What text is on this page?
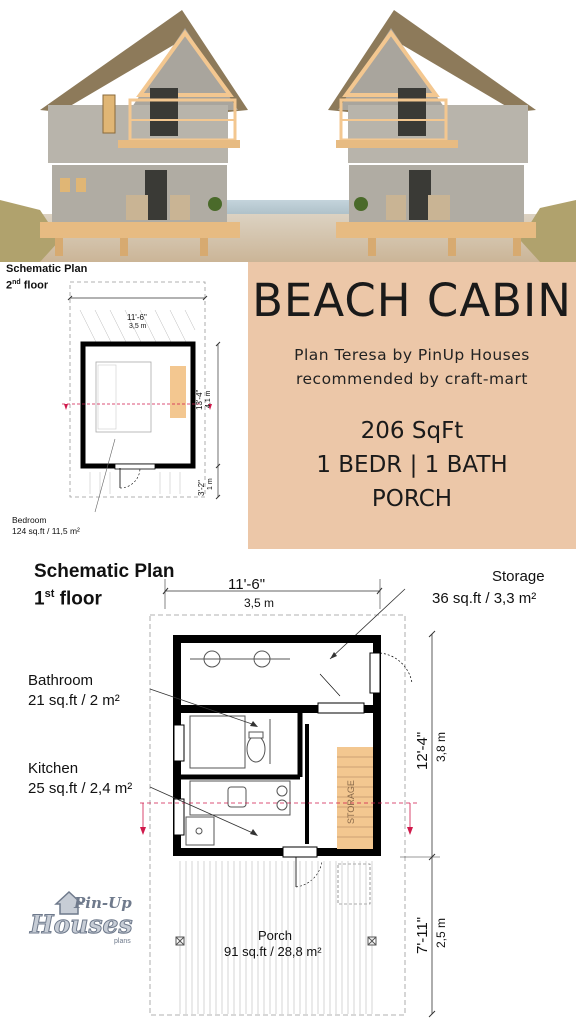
BEACH CABIN
Plan Teresa by PinUp Houses
recommended by craft-mart
206 SqFt
1 BEDR | 1 BATH
PORCH
Schematic Plan
2nd floor
11'-6"
3,5 m
13'-4" 4,1 m
3'-2" 1 m
Bedroom
124 sq.ft / 11,5 m²
Schematic Plan
1st floor
11'-6"
3,5 m
Storage
36 sq.ft / 3,3 m²
Bathroom
21 sq.ft / 2 m²
Kitchen
25 sq.ft / 2,4 m²	STORAGE
Porch
91 sq.ft / 28,8 m²
12'-4" 3,8 m
7'-11" 2,5 m
Pin-Up
Houses
plans
